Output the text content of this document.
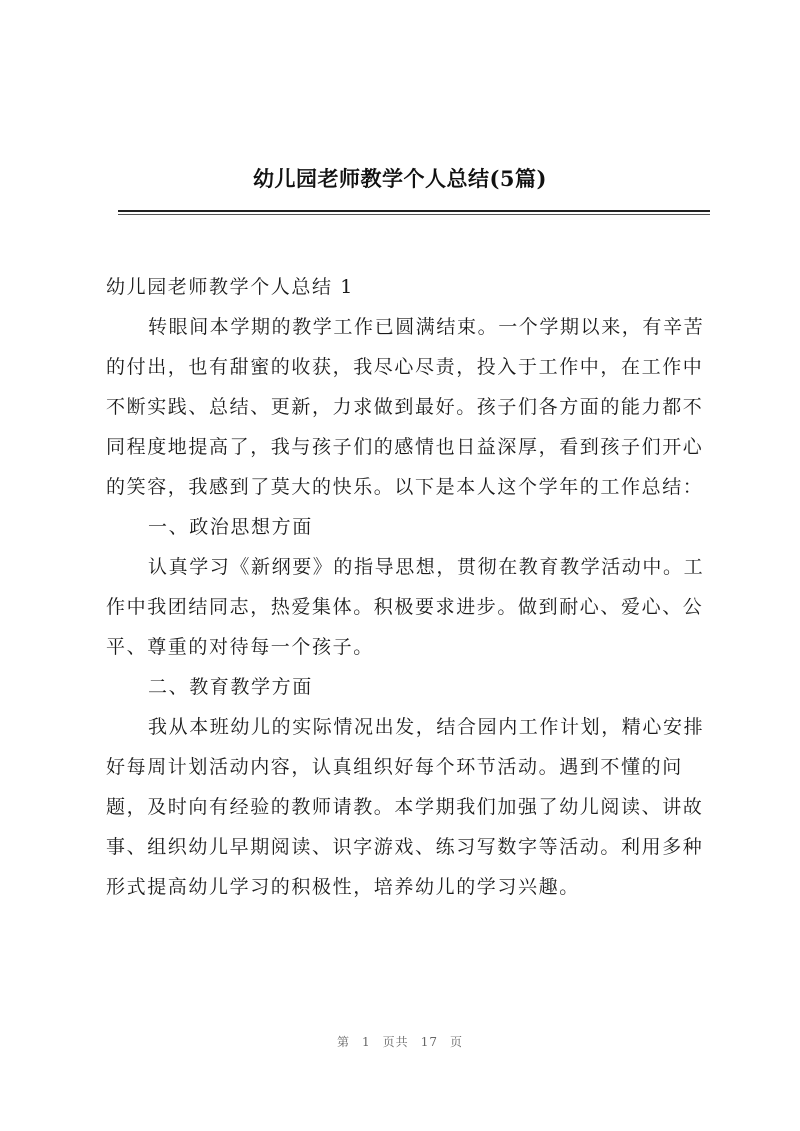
幼儿园老师教学个人总结(5篇)

幼儿园老师教学个人总结 1

转眼间本学期的教学工作已圆满结束。一个学期以来，有辛苦的付出，也有甜蜜的收获，我尽心尽责，投入于工作中，在工作中不断实践、总结、更新，力求做到最好。孩子们各方面的能力都不同程度地提高了，我与孩子们的感情也日益深厚，看到孩子们开心的笑容，我感到了莫大的快乐。以下是本人这个学年的工作总结：

一、政治思想方面

认真学习《新纲要》的指导思想，贯彻在教育教学活动中。工作中我团结同志，热爱集体。积极要求进步。做到耐心、爱心、公平、尊重的对待每一个孩子。

二、教育教学方面

我从本班幼儿的实际情况出发，结合园内工作计划，精心安排好每周计划活动内容，认真组织好每个环节活动。遇到不懂的问题，及时向有经验的教师请教。本学期我们加强了幼儿阅读、讲故事、组织幼儿早期阅读、识字游戏、练习写数字等活动。利用多种形式提高幼儿学习的积极性，培养幼儿的学习兴趣。

第 1 页共 17 页
